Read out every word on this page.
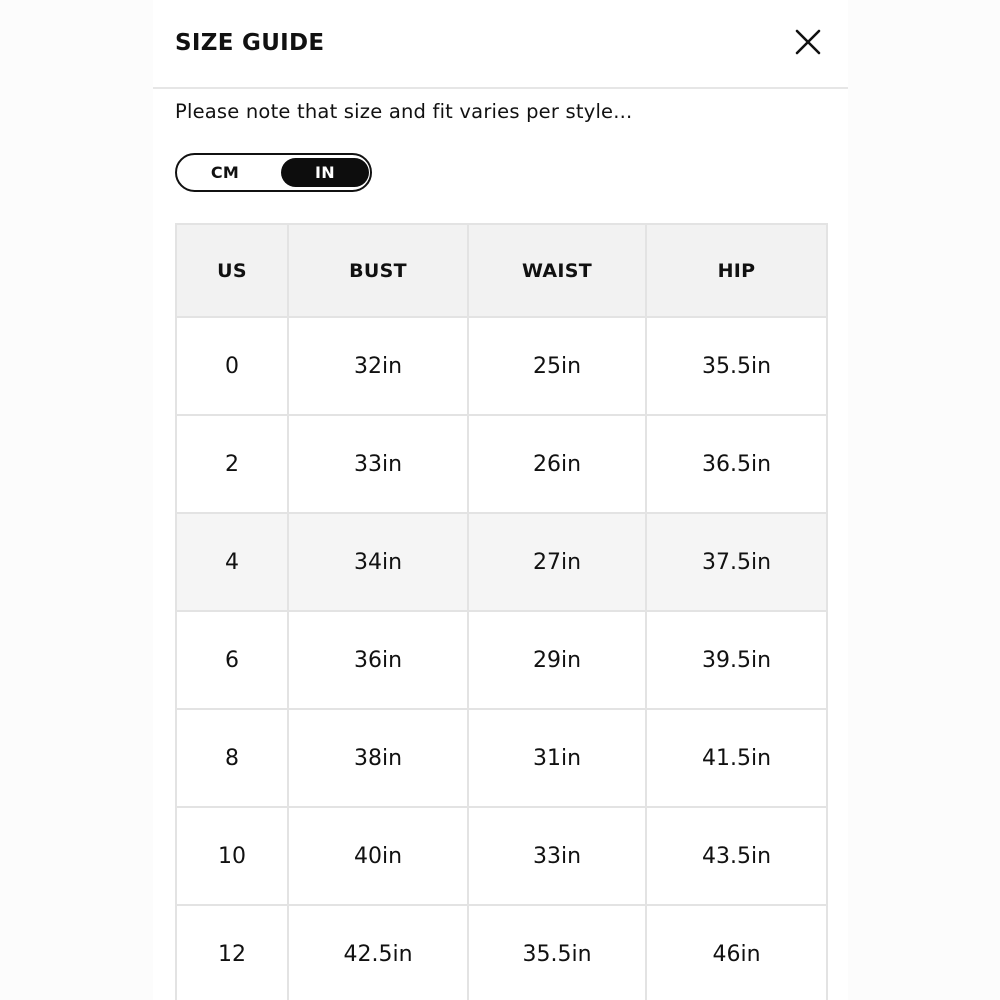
SIZE GUIDE
Please note that size and fit varies per style...
CM	IN
US	BUST	WAIST	HIP
0	32in	25in	35.5in
2	33in	26in	36.5in
4	34in	27in	37.5in
6	36in	29in	39.5in
8	38in	31in	41.5in
10	40in	33in	43.5in
12	42.5in	35.5in	46in
